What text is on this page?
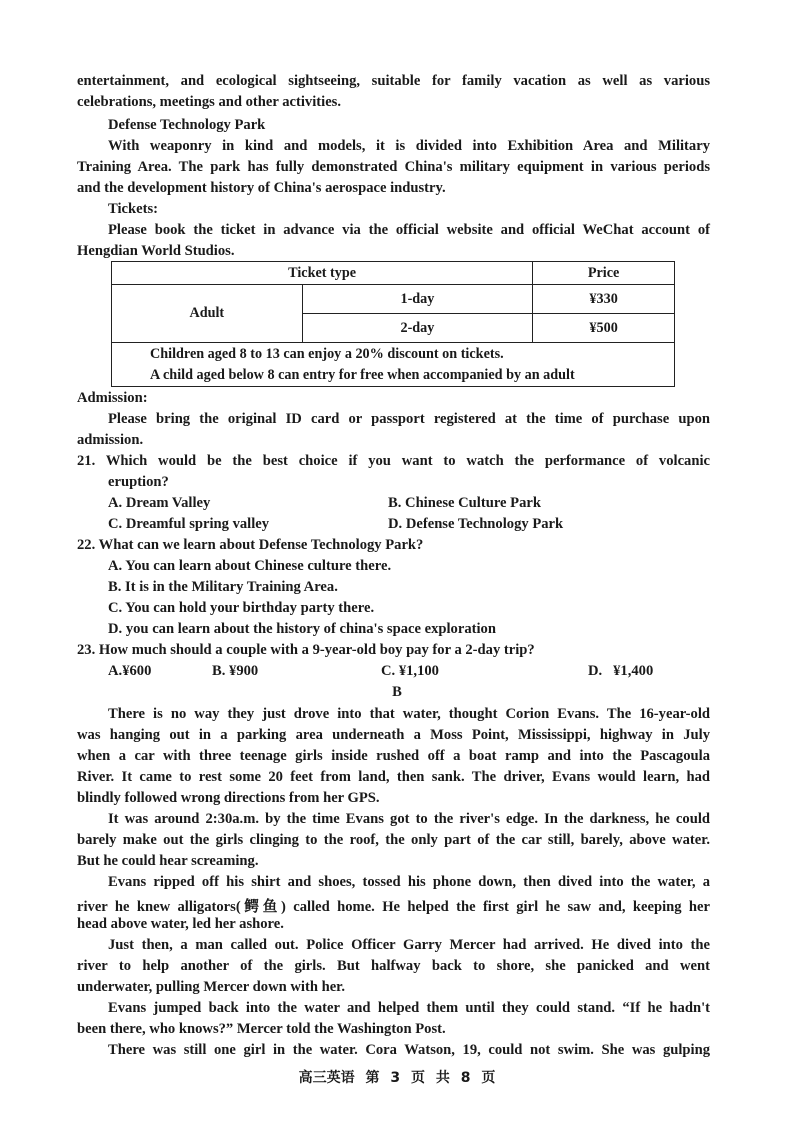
entertainment, and ecological sightseeing, suitable for family vacation as well as various
celebrations, meetings and other activities.
Defense Technology Park
With weaponry in kind and models, it is divided into Exhibition Area and Military
Training Area. The park has fully demonstrated China's military equipment in various periods
and the development history of China's aerospace industry.
Tickets:
Please book the ticket in advance via the official website and official WeChat account of
Hengdian World Studios.
Ticket type		Price
Adult	1-day	¥330
	2-day	¥500

Children aged 8 to 13 can enjoy a 20% discount on tickets.
A child aged below 8 can entry for free when accompanied by an adult		
Admission:
Please bring the original ID card or passport registered at the time of purchase upon
admission.
21. Which would be the best choice if you want to watch the performance of volcanic
eruption?
A. Dream Valley	B. Chinese Culture Park
C. Dreamful spring valley	D. Defense Technology Park
22. What can we learn about Defense Technology Park?
A. You can learn about Chinese culture there.
B. It is in the Military Training Area.
C. You can hold your birthday party there.
D. you can learn about the history of china's space exploration
23. How much should a couple with a 9-year-old boy pay for a 2-day trip?
A.¥600	B. ¥900	C. ¥1,100	D.   ¥1,400
B
There is no way they just drove into that water, thought Corion Evans. The 16-year-old
was hanging out in a parking area underneath a Moss Point, Mississippi, highway in July
when a car with three teenage girls inside rushed off a boat ramp and into the Pascagoula
River. It came to rest some 20 feet from land, then sank. The driver, Evans would learn, had
blindly followed wrong directions from her GPS.
It was around 2:30a.m. by the time Evans got to the river's edge. In the darkness, he could
barely make out the girls clinging to the roof, the only part of the car still, barely, above water.
But he could hear screaming.
Evans ripped off his shirt and shoes, tossed his phone down, then dived into the water, a
river he knew alligators(鳄鱼) called home. He helped the first girl he saw and, keeping her
head above water, led her ashore.
Just then, a man called out. Police Officer Garry Mercer had arrived. He dived into the
river to help another of the girls. But halfway back to shore, she panicked and went
underwater, pulling Mercer down with her.
Evans jumped back into the water and helped them until they could stand. “If he hadn't
been there, who knows?” Mercer told the Washington Post.
There was still one girl in the water. Cora Watson, 19, could not swim. She was gulping
高三英语 第 3 页 共 8 页
